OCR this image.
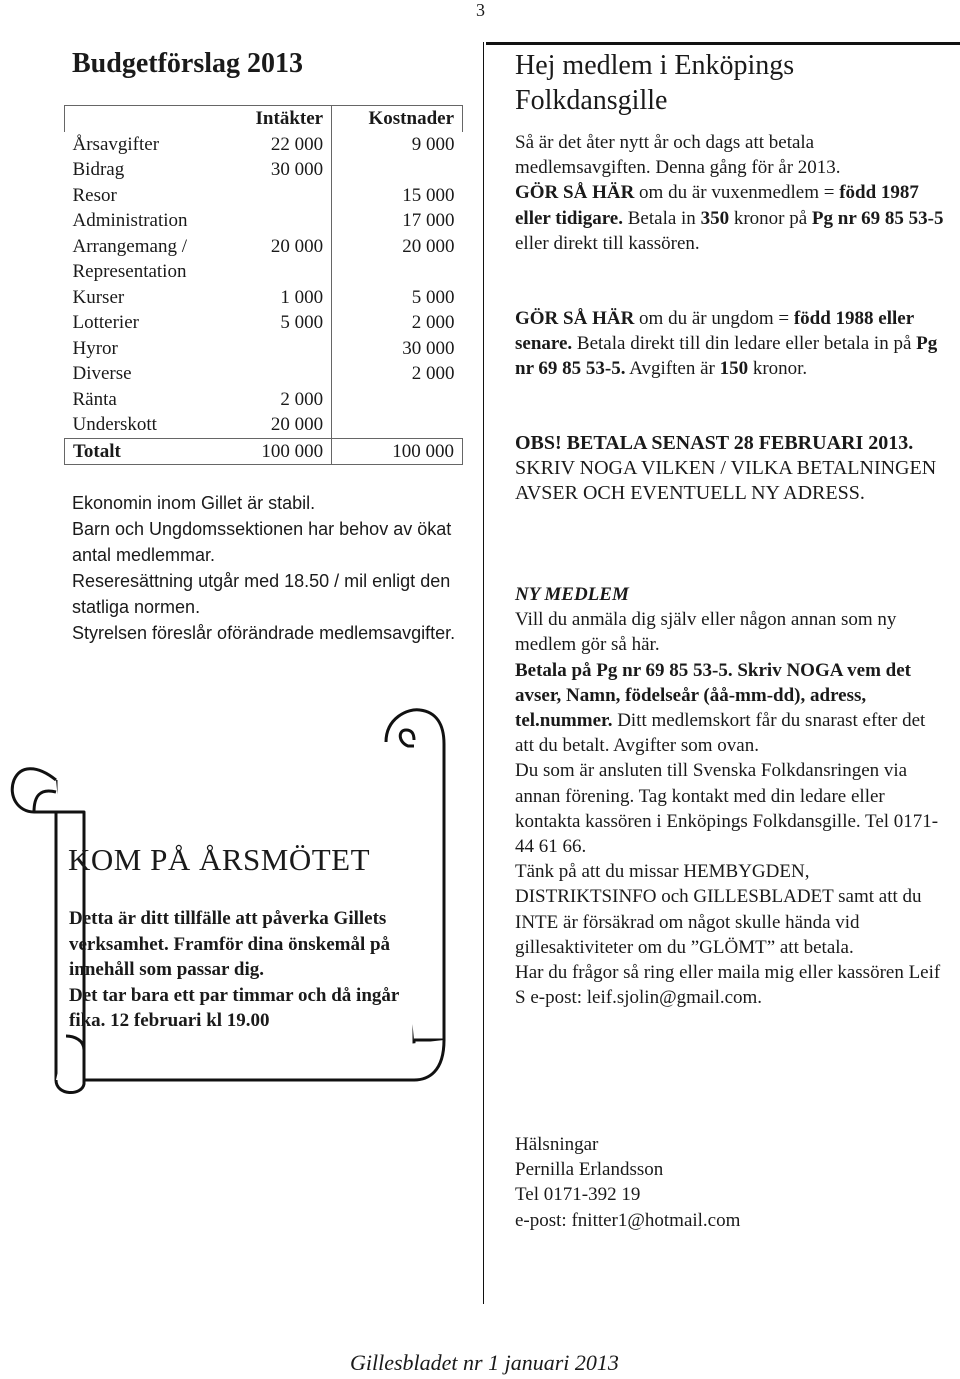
3
Budgetförslag 2013
	Intäkter	Kostnader
Årsavgifter	22 000	9 000
Bidrag	30 000	
Resor		15 000
Administration		17 000
Arrangemang / Representation	20 000	20 000
Kurser	1 000	5 000
Lotterier	5 000	2 000
Hyror		30 000
Diverse		2 000
Ränta	2 000	
Underskott	20 000	
Totalt	100 000	100 000

Ekonomin inom Gillet är stabil.

Barn och Ungdomssektionen har behov av ökat antal medlemmar.

Reseresättning utgår med 18.50 / mil enligt den statliga normen.

Styrelsen föreslår oförändrade medlemsavgifter.

KOM PÅ ÅRSMÖTET

Detta är ditt tillfälle att påverka Gillets verksamhet. Framför dina önskemål på innehåll som passar dig.

Det tar bara ett par timmar och då ingår fika. 12 februari kl 19.00

Hej medlem i Enköpings Folkdansgille

Så är det åter nytt år och dags att betala medlemsavgiften. Denna gång för år 2013.
GÖR SÅ HÄR om du är vuxenmedlem = född 1987 eller tidigare. Betala in 350 kronor på Pg nr 69 85 53-5 eller direkt till kassören.

GÖR SÅ HÄR om du är ungdom = född 1988 eller senare. Betala direkt till din ledare eller betala in på Pg nr 69 85 53-5. Avgiften är 150 kronor.

OBS! BETALA SENAST 28 FEBRUARI 2013. SKRIV NOGA VILKEN / VILKA BETALNINGEN AVSER OCH EVENTUELL NY ADRESS.

NY MEDLEM

Vill du anmäla dig själv eller någon annan som ny medlem gör så här.
Betala på Pg nr 69 85 53-5. Skriv NOGA vem det avser, Namn, födelseår (åå-mm-dd), adress, tel.nummer. Ditt medlemskort får du snarast efter det att du betalt. Avgifter som ovan.

Du som är ansluten till Svenska Folkdansringen via annan förening. Tag kontakt med din ledare eller kontakta kassören i Enköpings Folkdansgille. Tel 0171-44 61 66.

Tänk på att du missar HEMBYGDEN, DISTRIKTSINFO och GILLESBLADET samt att du INTE är försäkrad om något skulle hända vid gillesaktiviteter om du ”GLÖMT” att betala.

Har du frågor så ring eller maila mig eller kassören Leif S e-post: leif.sjolin@gmail.com.

Hälsningar

Pernilla Erlandsson

Tel 0171-392 19

e-post: fnitter1@hotmail.com

Gillesbladet nr 1 januari 2013
